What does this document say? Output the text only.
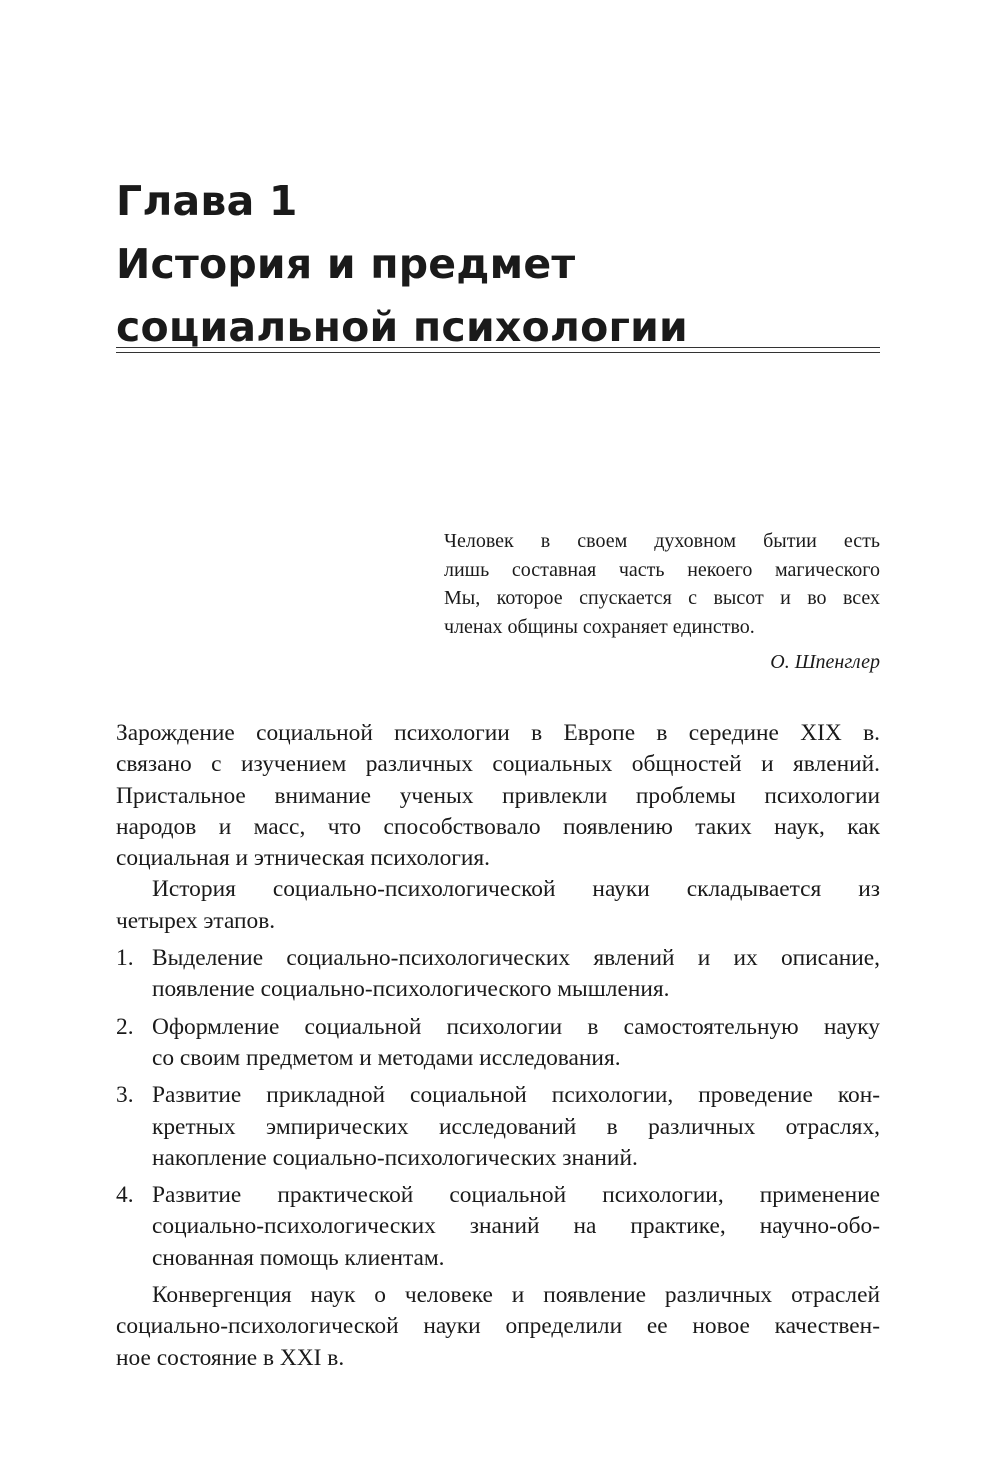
Глава 1
История и предмет
социальной психологии
Человек в своем духовном бытии есть
лишь составная часть некоего магического
Мы, которое спускается с высот и во всех
членах общины сохраняет единство.
О. Шпенглер
Зарождение социальной психологии в Европе в середине XIX в.
связано с изучением различных социальных общностей и явлений.
Пристальное внимание ученых привлекли проблемы психологии
народов и масс, что способствовало появлению таких наук, как
социальная и этническая психология.
История социально-психологической науки складывается из
четырех этапов.
1. Выделение социально-психологических явлений и их описание,
появление социально-психологического мышления.
2. Оформление социальной психологии в самостоятельную науку
со своим предметом и методами исследования.
3. Развитие прикладной социальной психологии, проведение кон-
кретных эмпирических исследований в различных отраслях,
накопление социально-психологических знаний.
4. Развитие практической социальной психологии, применение
социально-психологических знаний на практике, научно-обо-
снованная помощь клиентам.
Конвергенция наук о человеке и появление различных отраслей
социально-психологической науки определили ее новое качествен-
ное состояние в XXI в.
